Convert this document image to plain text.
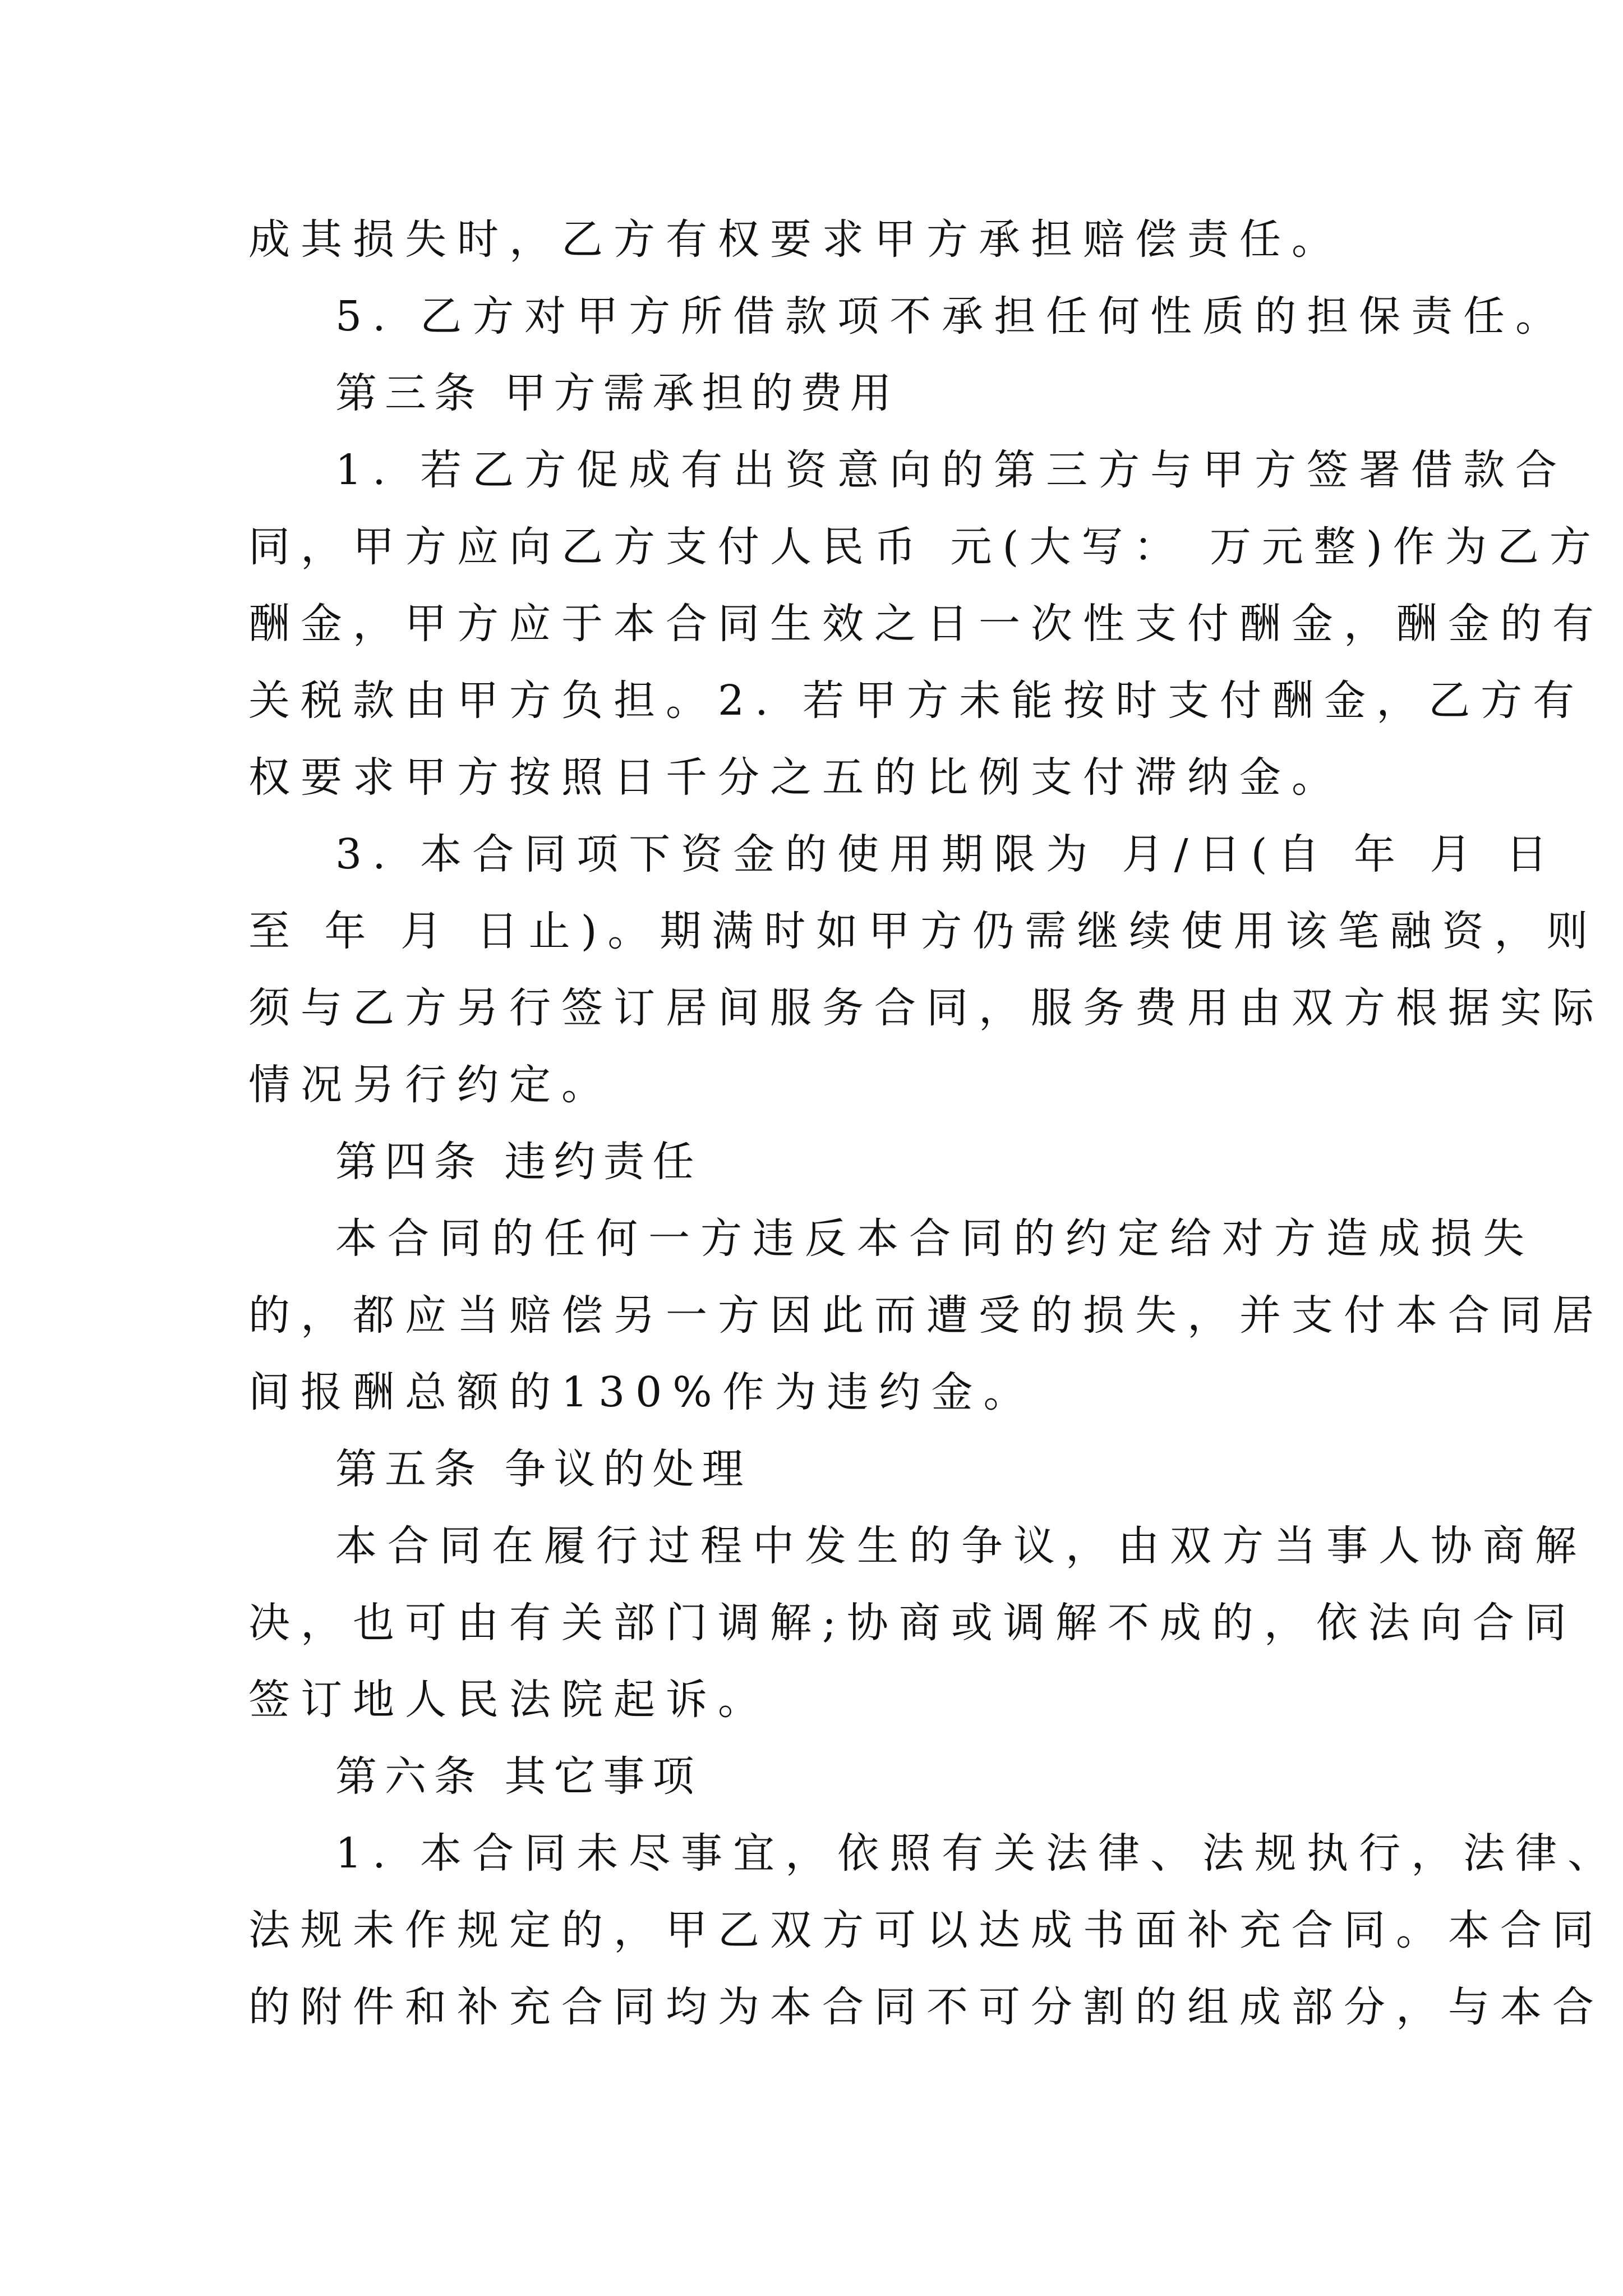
成其损失时，乙方有权要求甲方承担赔偿责任。
5. 乙方对甲方所借款项不承担任何性质的担保责任。
第三条 甲方需承担的费用
1. 若乙方促成有出资意向的第三方与甲方签署借款合
同，甲方应向乙方支付人民币 元(大写： 万元整)作为乙方
酬金，甲方应于本合同生效之日一次性支付酬金，酬金的有
关税款由甲方负担。2. 若甲方未能按时支付酬金，乙方有
权要求甲方按照日千分之五的比例支付滞纳金。
3. 本合同项下资金的使用期限为 月/日(自 年 月 日
至 年 月 日止)。期满时如甲方仍需继续使用该笔融资，则
须与乙方另行签订居间服务合同，服务费用由双方根据实际
情况另行约定。
第四条 违约责任
本合同的任何一方违反本合同的约定给对方造成损失
的，都应当赔偿另一方因此而遭受的损失，并支付本合同居
间报酬总额的130%作为违约金。
第五条 争议的处理
本合同在履行过程中发生的争议，由双方当事人协商解
决，也可由有关部门调解;协商或调解不成的，依法向合同
签订地人民法院起诉。
第六条 其它事项
1. 本合同未尽事宜，依照有关法律、法规执行，法律、
法规未作规定的，甲乙双方可以达成书面补充合同。本合同
的附件和补充合同均为本合同不可分割的组成部分，与本合
